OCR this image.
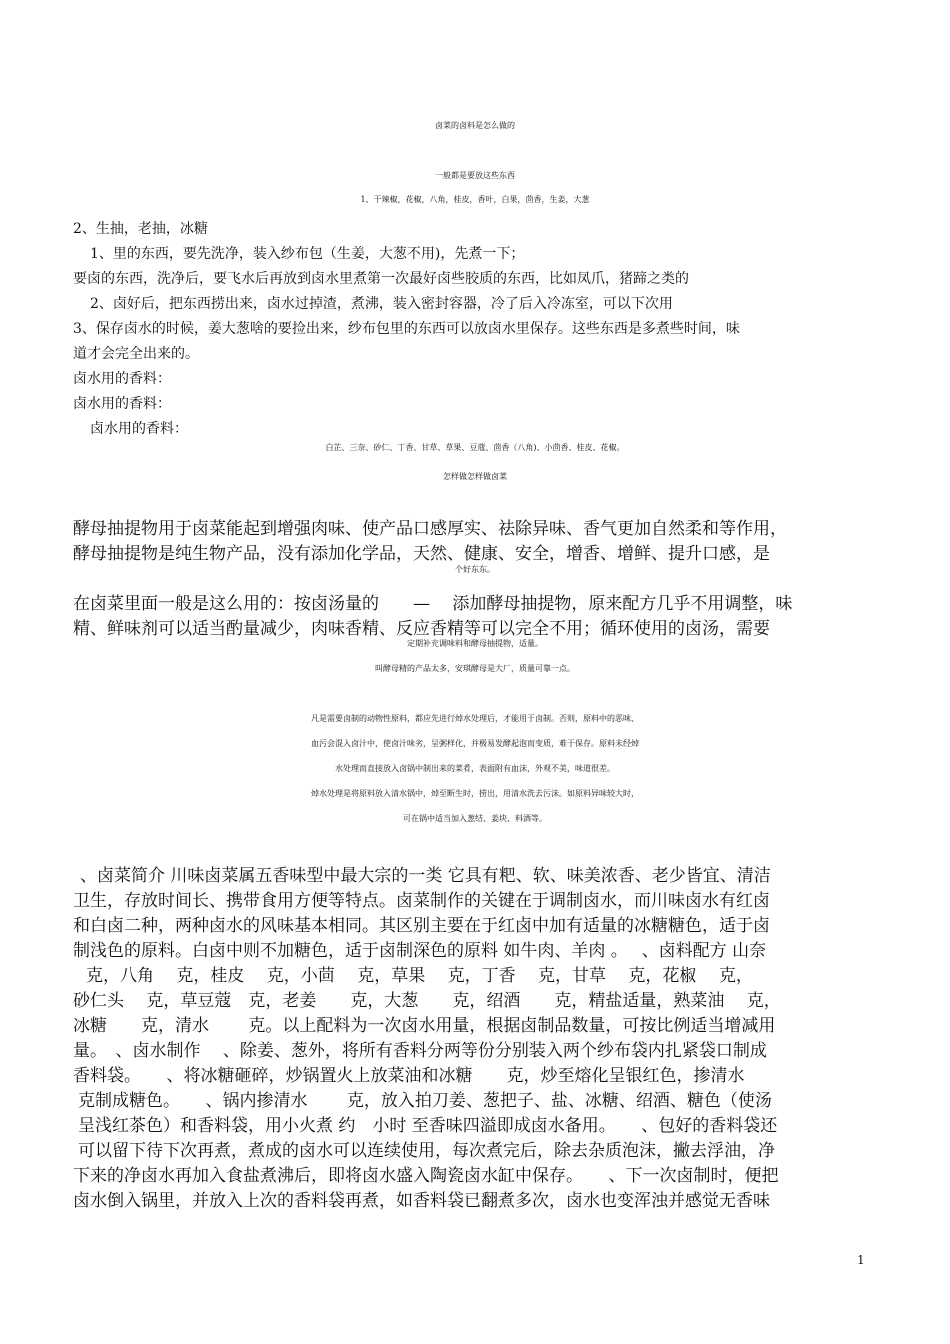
卤菜的卤料是怎么做的
一般都是要放这些东西
1、干辣椒，花椒，八角，桂皮，香叶，白果，茴香，生姜，大葱
2、生抽，老抽，冰糖
1、里的东西，要先洗净，装入纱布包（生姜，大葱不用)，先煮一下；
要卤的东西，洗净后，要飞水后再放到卤水里煮第一次最好卤些胶质的东西，比如凤爪，猪蹄之类的
2、卤好后，把东西捞出来，卤水过掉渣，煮沸，装入密封容器，冷了后入冷冻室，可以下次用
3、保存卤水的时候，姜大葱啥的要捡出来，纱布包里的东西可以放卤水里保存。这些东西是多煮些时间，味
道才会完全出来的。
卤水用的香料：
卤水用的香料：
卤水用的香料：
白芷、三奈、砂仁、丁香、甘草、草果、豆蔻、茴香（八角)、小茴香、桂皮、花椒。
怎样做怎样做卤菜
酵母抽提物用于卤菜能起到增强肉味、使产品口感厚实、祛除异味、香气更加自然柔和等作用，
酵母抽提物是纯生物产品，没有添加化学品，天然、健康、安全，增香、增鲜、提升口感，是
个好东东。
在卤菜里面一般是这么用的：按卤汤量的　　—　 添加酵母抽提物，原来配方几乎不用调整，味
精、鲜味剂可以适当酌量减少，肉味香精、反应香精等可以完全不用；循环使用的卤汤，需要
定期补充调味料和酵母抽提物，适量。
叫酵母精的产品太多，安琪酵母是大厂，质量可靠一点。
凡是需要卤制的动物性原料，都应先进行焯水处理后，才能用于卤制。否则，原料中的恶味、
血污会混入卤汁中，使卤汁味劣，呈粥样化，并极易发酵起泡而变质，难于保存。原料未经焯
水处理而直接放入卤锅中制出来的菜肴，表面附有血沫，外观不美，味道很差。
焯水处理是将原料放入清水锅中，焯至断生时，捞出，用清水洗去污沫。如原料异味较大时，
可在锅中适当加入葱结、姜块、料酒等。
、卤菜简介 川味卤菜属五香味型中最大宗的一类 它具有粑、软、味美浓香、老少皆宜、清洁
卫生，存放时间长、携带食用方便等特点。卤菜制作的关键在于调制卤水，而川味卤水有红卤
和白卤二种，两种卤水的风味基本相同。其区别主要在于红卤中加有适量的冰糖糖色，适于卤
制浅色的原料。白卤中则不加糖色，适于卤制深色的原料 如牛肉、羊肉 。　 、卤料配方 山奈
克，八角　 克，桂皮　 克，小茴　 克，草果　 克，丁香　 克，甘草　 克，花椒　 克，
砂仁头　 克，草豆蔻　克，老姜　　克，大葱　　克，绍酒　　克，精盐适量，熟菜油　 克，
冰糖　　克，清水　　 克。以上配料为一次卤水用量，根据卤制品数量，可按比例适当增减用
量。　、卤水制作　 、除姜、葱外，将所有香料分两等份分别装入两个纱布袋内扎紧袋口制成
香料袋。　　、将冰糖砸碎，炒锅置火上放菜油和冰糖　　克，炒至熔化呈银红色，掺清水
克制成糖色。　　、锅内掺清水　　 克，放入拍刀姜、葱把子、盐、冰糖、绍酒、糖色（使汤
呈浅红茶色）和香料袋，用小火煮 约　小时 至香味四溢即成卤水备用。　　、包好的香料袋还
可以留下待下次再煮，煮成的卤水可以连续使用，每次煮完后，除去杂质泡沫，撇去浮油，净
下来的净卤水再加入食盐煮沸后，即将卤水盛入陶瓷卤水缸中保存。　　、下一次卤制时，便把
卤水倒入锅里，并放入上次的香料袋再煮，如香料袋已翻煮多次，卤水也变浑浊并感觉无香味
1
